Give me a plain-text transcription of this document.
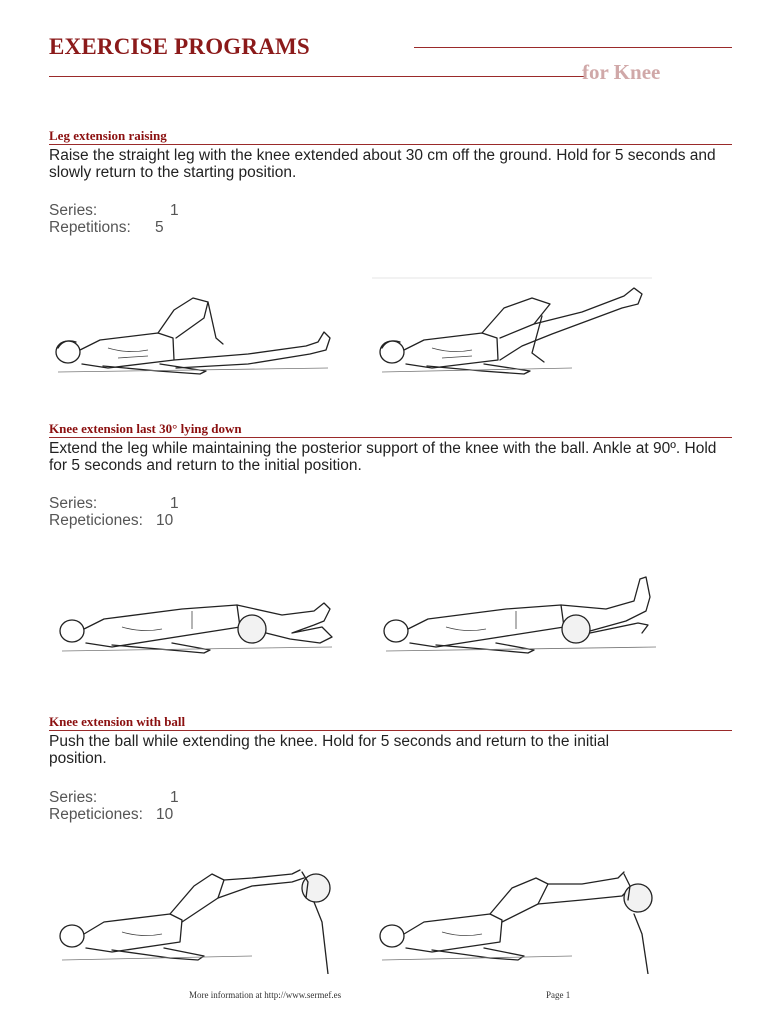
EXERCISE PROGRAMS
for Knee
Leg extension raising
Raise the straight leg with the knee extended about 30 cm off the ground. Hold for 5 seconds and slowly return to the starting position.
Series:	1
Repetitions: 5
Knee extension last 30° lying down
Extend the leg while maintaining the posterior support of the knee with the ball. Ankle at 90º. Hold for 5 seconds and return to the initial position.
Series:	1
Repeticiones: 10
Knee extension with ball
Push the ball while extending the knee. Hold for 5 seconds and return to the initial position.
Series:	1
Repeticiones: 10
More information at http://www.sermef.es	Page 1
